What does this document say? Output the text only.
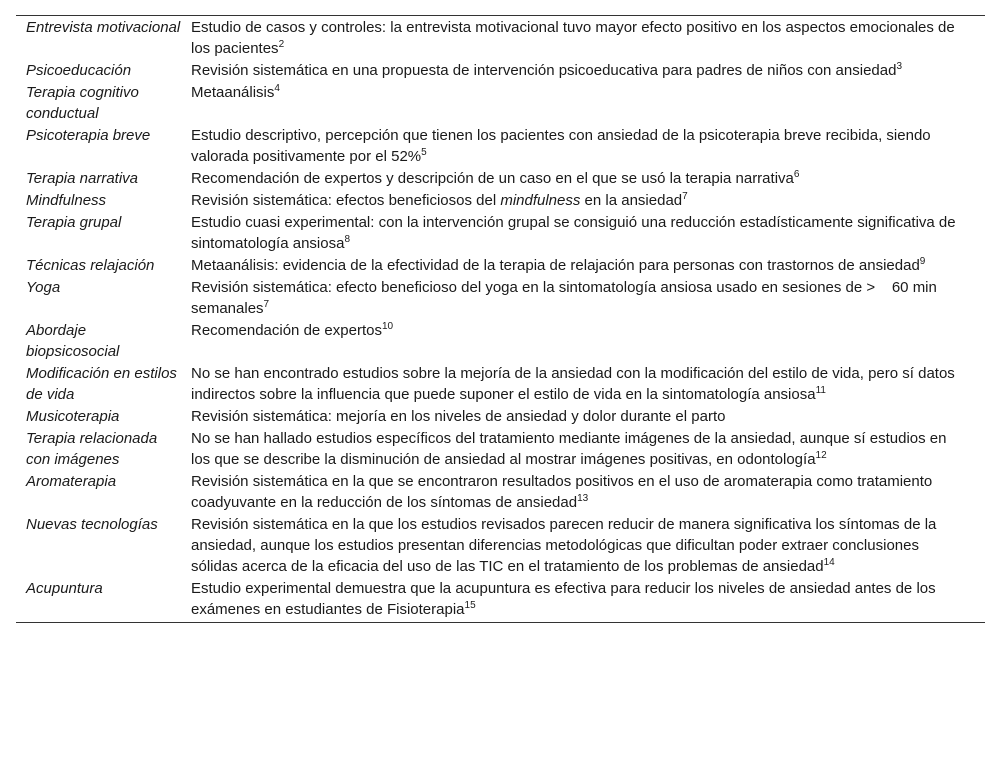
Entrevista motivacional	Estudio de casos y controles: la entrevista motivacional tuvo mayor efecto positivo en los aspectos emocionales de los pacientes$^2$
Psicoeducación	Revisión sistemática en una propuesta de intervención psicoeducativa para padres de niños con ansiedad$^3$
Terapia cognitivo conductual	Metaanálisis$^4$
Psicoterapia breve	Estudio descriptivo, percepción que tienen los pacientes con ansiedad de la psicoterapia breve recibida, siendo valorada positivamente por el 52%$^5$
Terapia narrativa	Recomendación de expertos y descripción de un caso en el que se usó la terapia narrativa$^6$
Mindfulness	Revisión sistemática: efectos beneficiosos del mindfulness en la ansiedad$^7$
Terapia grupal	Estudio cuasi experimental: con la intervención grupal se consiguió una reducción estadísticamente significativa de sintomatología ansiosa$^8$
Técnicas relajación	Metaanálisis: evidencia de la efectividad de la terapia de relajación para personas con trastornos de ansiedad$^9$
Yoga	Revisión sistemática: efecto beneficioso del yoga en la sintomatología ansiosa usado en sesiones de >    60 min semanales$^7$
Abordaje biopsicosocial	Recomendación de expertos$^{10}$
Modificación en estilos de vida	No se han encontrado estudios sobre la mejoría de la ansiedad con la modificación del estilo de vida, pero sí datos indirectos sobre la influencia que puede suponer el estilo de vida en la sintomatología ansiosa$^{11}$
Musicoterapia	Revisión sistemática: mejoría en los niveles de ansiedad y dolor durante el parto
Terapia relacionada con imágenes	No se han hallado estudios específicos del tratamiento mediante imágenes de la ansiedad, aunque sí estudios en los que se describe la disminución de ansiedad al mostrar imágenes positivas, en odontología$^{12}$
Aromaterapia	Revisión sistemática en la que se encontraron resultados positivos en el uso de aromaterapia como tratamiento coadyuvante en la reducción de los síntomas de ansiedad$^{13}$
Nuevas tecnologías	Revisión sistemática en la que los estudios revisados parecen reducir de manera significativa los síntomas de la ansiedad, aunque los estudios presentan diferencias metodológicas que dificultan poder extraer conclusiones sólidas acerca de la eficacia del uso de las TIC en el tratamiento de los problemas de ansiedad$^{14}$
Acupuntura	Estudio experimental demuestra que la acupuntura es efectiva para reducir los niveles de ansiedad antes de los exámenes en estudiantes de Fisioterapia$^{15}$
